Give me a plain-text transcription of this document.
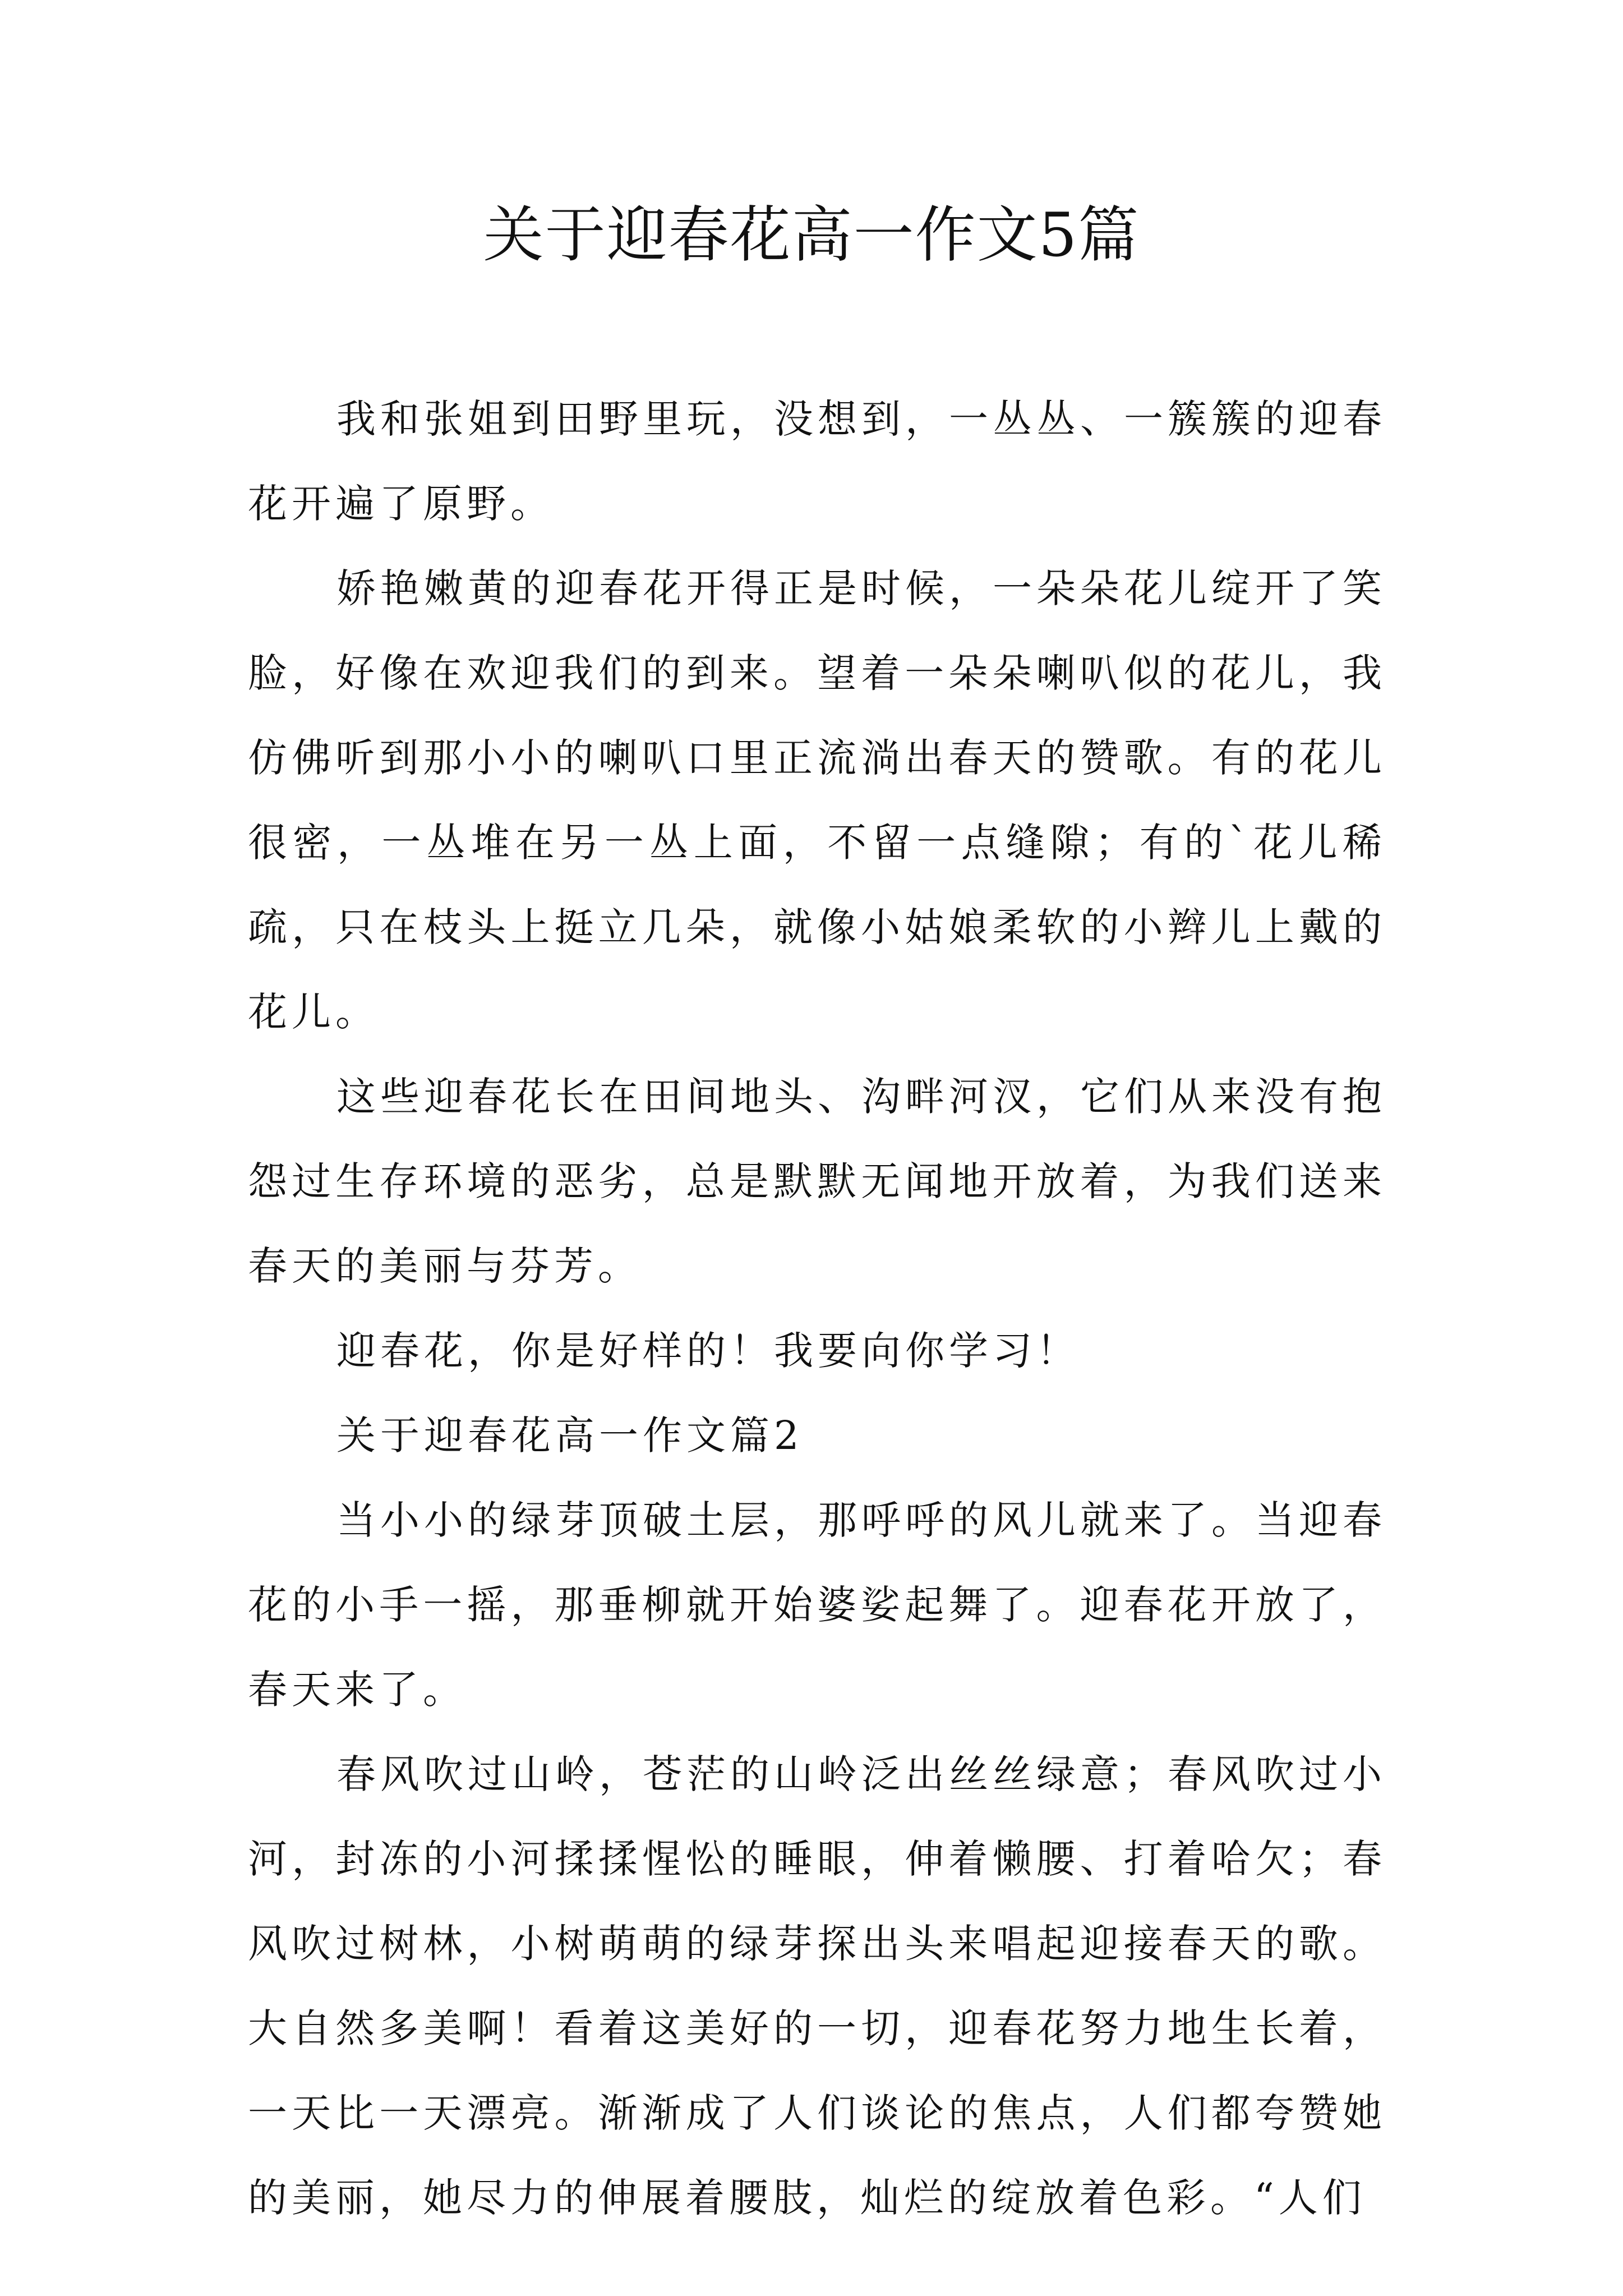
关于迎春花高一作文5篇

我和张姐到田野里玩，没想到，一丛丛、一簇簇的迎春花开遍了原野。

娇艳嫩黄的迎春花开得正是时候，一朵朵花儿绽开了笑脸，好像在欢迎我们的到来。望着一朵朵喇叭似的花儿，我仿佛听到那小小的喇叭口里正流淌出春天的赞歌。有的花儿很密，一丛堆在另一丛上面，不留一点缝隙；有的`花儿稀疏，只在枝头上挺立几朵，就像小姑娘柔软的小辫儿上戴的花儿。

这些迎春花长在田间地头、沟畔河汊，它们从来没有抱怨过生存环境的恶劣，总是默默无闻地开放着，为我们送来春天的美丽与芬芳。

迎春花，你是好样的！我要向你学习！

关于迎春花高一作文篇2

当小小的绿芽顶破土层，那呼呼的风儿就来了。当迎春花的小手一摇，那垂柳就开始婆娑起舞了。迎春花开放了，春天来了。

春风吹过山岭，苍茫的山岭泛出丝丝绿意；春风吹过小河，封冻的小河揉揉惺忪的睡眼，伸着懒腰、打着哈欠；春风吹过树林，小树萌萌的绿芽探出头来唱起迎接春天的歌。大自然多美啊！看着这美好的一切，迎春花努力地生长着，一天比一天漂亮。渐渐成了人们谈论的焦点，人们都夸赞她的美丽，她尽力的伸展着腰肢，灿烂的绽放着色彩。“人们
